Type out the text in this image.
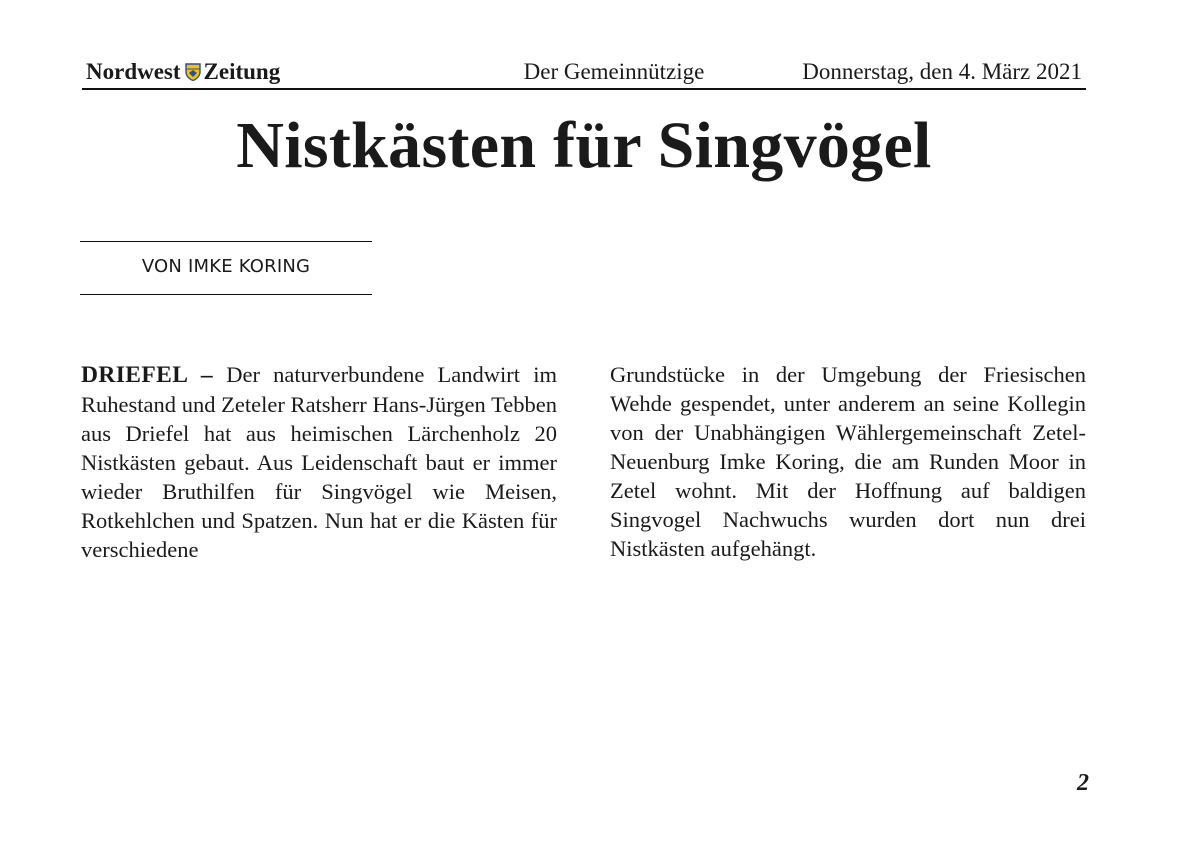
Nordwest Zeitung	Der Gemeinnützige	Donnerstag, den 4. März 2021
Nistkästen für Singvögel
VON IMKE KORING
DRIEFEL – Der naturverbundene Landwirt im Ruhestand und Zeteler Ratsherr Hans-Jürgen Tebben aus Driefel hat aus heimischen Lärchenholz 20 Nistkästen gebaut. Aus Leidenschaft baut er immer wieder Bruthilfen für Singvögel wie Meisen, Rotkehlchen und Spatzen. Nun hat er die Kästen für verschiedene
Grundstücke in der Umgebung der Friesischen Wehde gespendet, unter anderem an seine Kollegin von der Unabhängigen Wählergemeinschaft Zetel-Neuenburg Imke Koring, die am Runden Moor in Zetel wohnt. Mit der Hoffnung auf baldigen Singvogel Nachwuchs wurden dort nun drei Nistkästen aufgehängt.
2
